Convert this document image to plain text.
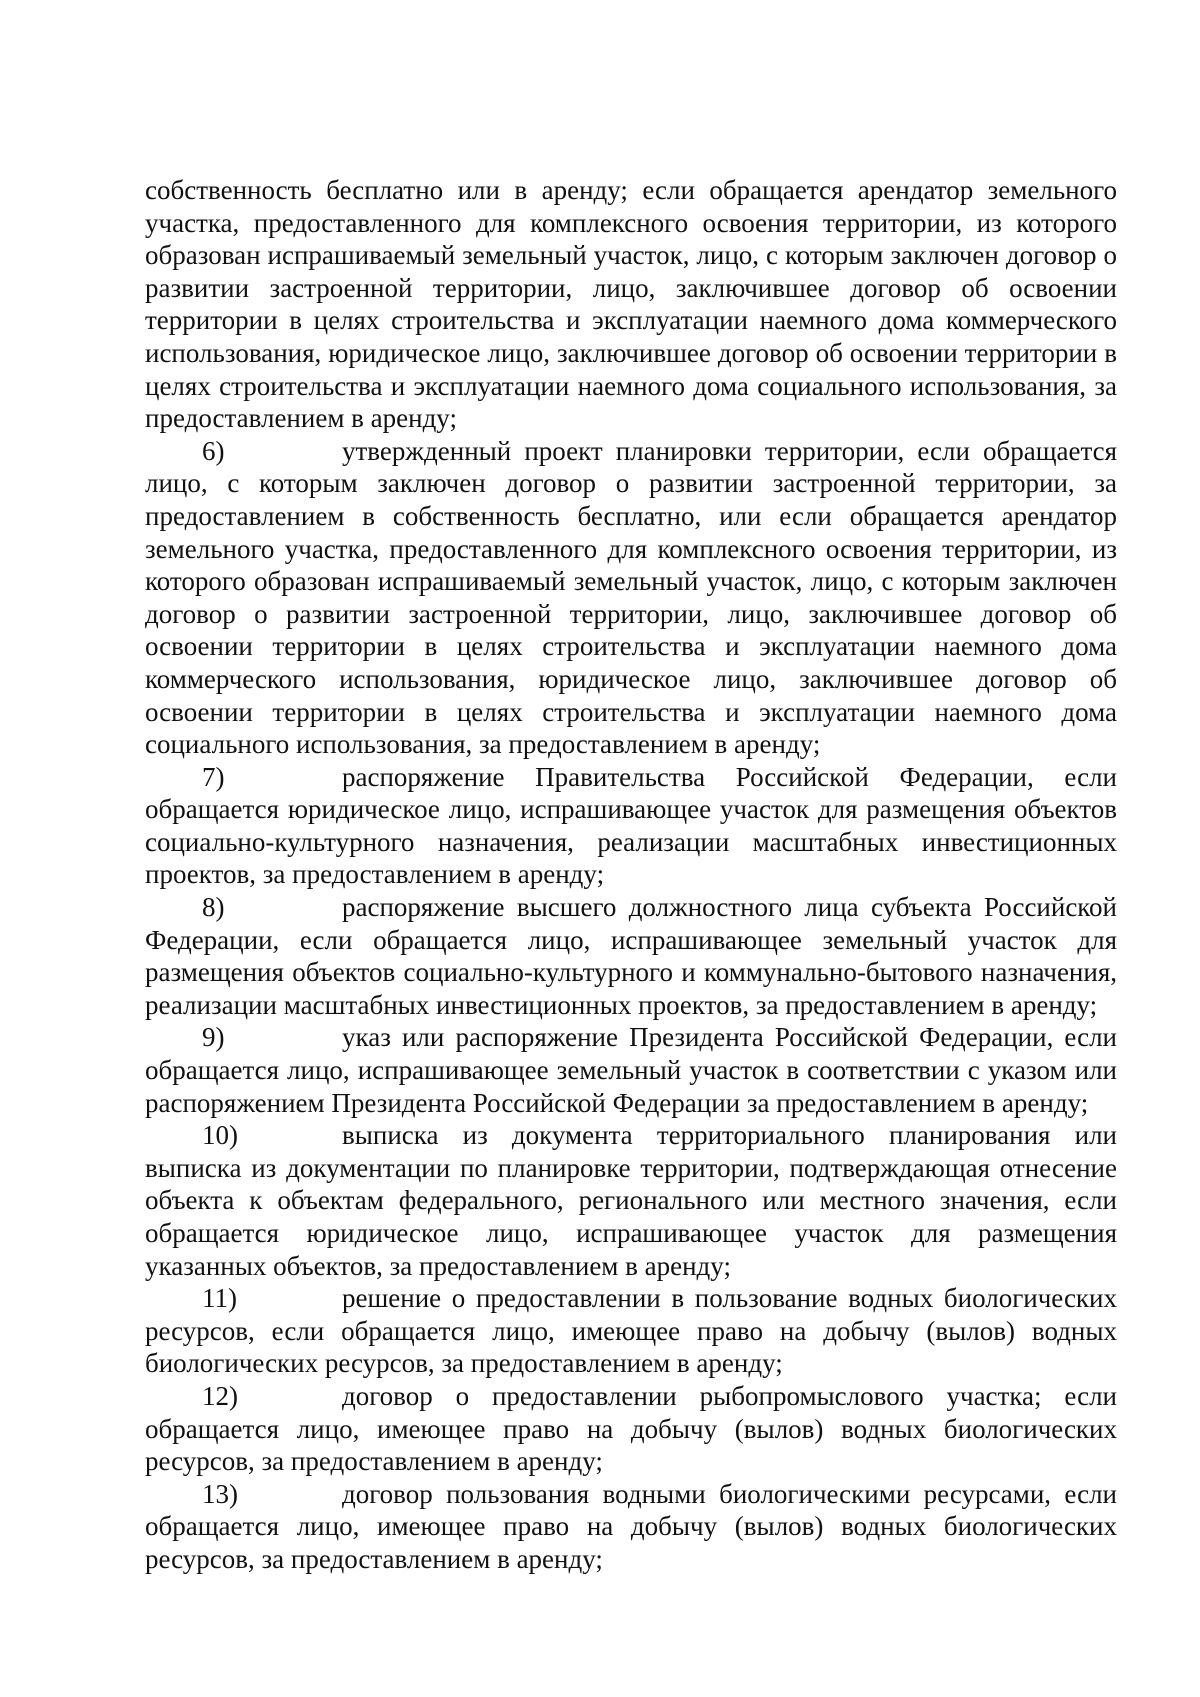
собственность бесплатно или в аренду; если обращается арендатор земельного участка, предоставленного для комплексного освоения территории, из которого образован испрашиваемый земельный участок, лицо, с которым заключен договор о развитии застроенной территории, лицо, заключившее договор об освоении территории в целях строительства и эксплуатации наемного дома коммерческого использования, юридическое лицо, заключившее договор об освоении территории в целях строительства и эксплуатации наемного дома социального использования, за предоставлением в аренду;

6)	утвержденный проект планировки территории, если обращается лицо, с которым заключен договор о развитии застроенной территории, за предоставлением в собственность бесплатно, или если обращается арендатор земельного участка, предоставленного для комплексного освоения территории, из которого образован испрашиваемый земельный участок, лицо, с которым заключен договор о развитии застроенной территории, лицо, заключившее договор об освоении территории в целях строительства и эксплуатации наемного дома коммерческого использования, юридическое лицо, заключившее договор об освоении территории в целях строительства и эксплуатации наемного дома социального использования, за предоставлением в аренду;

7)	распоряжение Правительства Российской Федерации, если обращается юридическое лицо, испрашивающее участок для размещения объектов социально-культурного назначения, реализации масштабных инвестиционных проектов, за предоставлением в аренду;

8)	распоряжение высшего должностного лица субъекта Российской Федерации, если обращается лицо, испрашивающее земельный участок для размещения объектов социально-культурного и коммунально-бытового назначения, реализации масштабных инвестиционных проектов, за предоставлением в аренду;

9)	указ или распоряжение Президента Российской Федерации, если обращается лицо, испрашивающее земельный участок в соответствии с указом или распоряжением Президента Российской Федерации за предоставлением в аренду;

10)	выписка из документа территориального планирования или выписка из документации по планировке территории, подтверждающая отнесение объекта к объектам федерального, регионального или местного значения, если обращается юридическое лицо, испрашивающее участок для размещения указанных объектов, за предоставлением в аренду;

11)	решение о предоставлении в пользование водных биологических ресурсов, если обращается лицо, имеющее право на добычу (вылов) водных биологических ресурсов, за предоставлением в аренду;

12)	договор о предоставлении рыбопромыслового участка; если обращается лицо, имеющее право на добычу (вылов) водных биологических ресурсов, за предоставлением в аренду;

13)	договор пользования водными биологическими ресурсами, если обращается лицо, имеющее право на добычу (вылов) водных биологических ресурсов, за предоставлением в аренду;
